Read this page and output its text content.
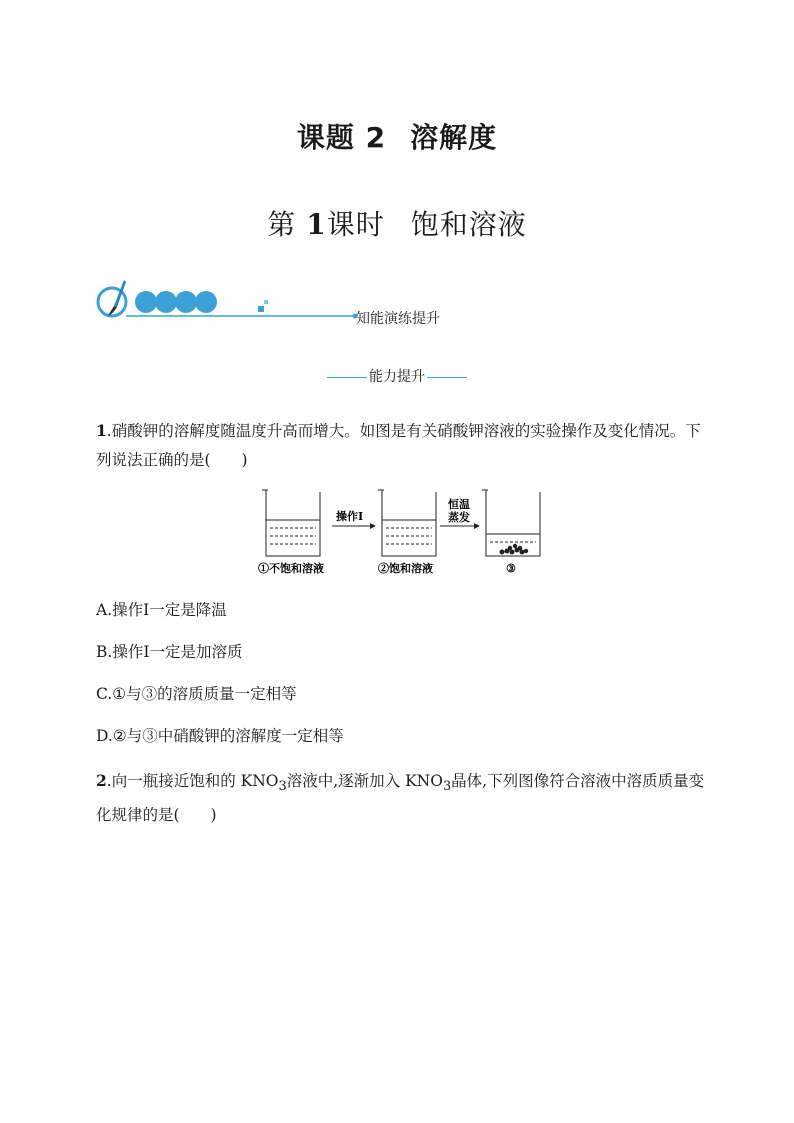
课题 2 溶解度
第 1课时 饱和溶液
知能演练提升
能力提升
1.硝酸钾的溶解度随温度升高而增大。如图是有关硝酸钾溶液的实验操作及变化情况。下列说法正确的是(　　)
操作Ⅰ
恒温
蒸发
①不饱和溶液	②饱和溶液	③
A.操作Ⅰ一定是降温
B.操作Ⅰ一定是加溶质
C.①与③的溶质质量一定相等
D.②与③中硝酸钾的溶解度一定相等
2.向一瓶接近饱和的 $KNO_3$溶液中,逐渐加入 $KNO_3$晶体,下列图像符合溶液中溶质质量变化规律的是(　　)
